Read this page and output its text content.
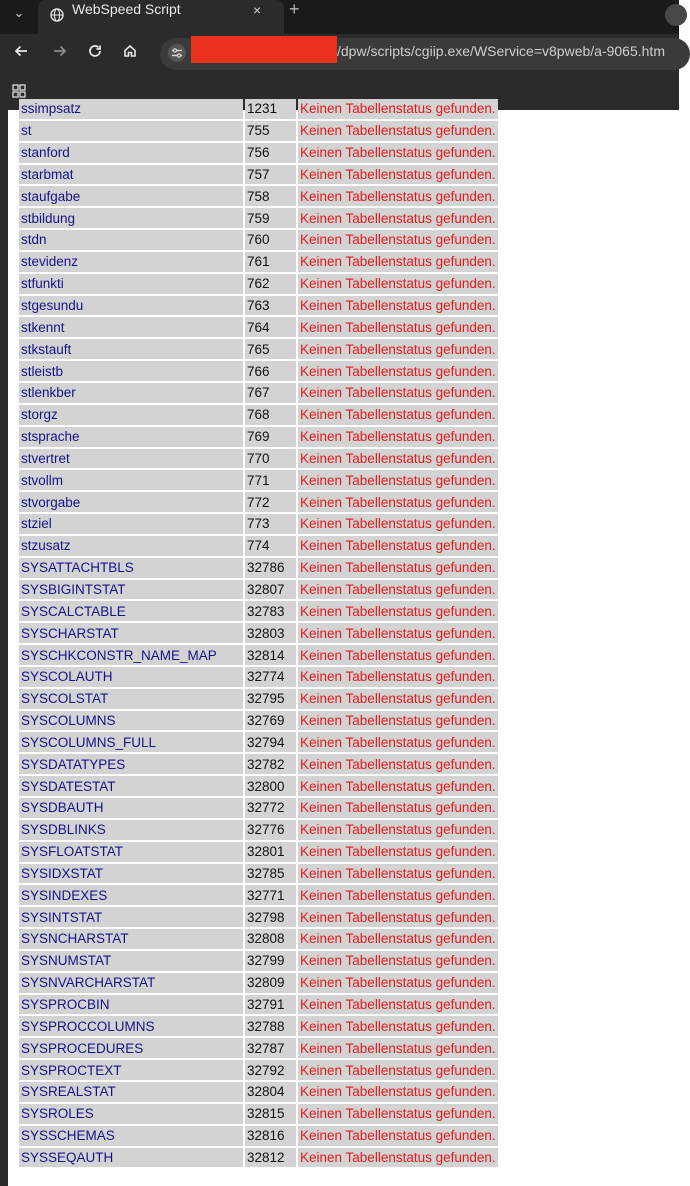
⌄	WebSpeed Script	× +
/dpw/scripts/cgiip.exe/WService=v8pweb/a-9065.htm
ssimpsatz	1231	Keinen Tabellenstatus gefunden.
st	755	Keinen Tabellenstatus gefunden.
stanford	756	Keinen Tabellenstatus gefunden.
starbmat	757	Keinen Tabellenstatus gefunden.
staufgabe	758	Keinen Tabellenstatus gefunden.
stbildung	759	Keinen Tabellenstatus gefunden.
stdn	760	Keinen Tabellenstatus gefunden.
stevidenz	761	Keinen Tabellenstatus gefunden.
stfunkti	762	Keinen Tabellenstatus gefunden.
stgesundu	763	Keinen Tabellenstatus gefunden.
stkennt	764	Keinen Tabellenstatus gefunden.
stkstauft	765	Keinen Tabellenstatus gefunden.
stleistb	766	Keinen Tabellenstatus gefunden.
stlenkber	767	Keinen Tabellenstatus gefunden.
storgz	768	Keinen Tabellenstatus gefunden.
stsprache	769	Keinen Tabellenstatus gefunden.
stvertret	770	Keinen Tabellenstatus gefunden.
stvollm	771	Keinen Tabellenstatus gefunden.
stvorgabe	772	Keinen Tabellenstatus gefunden.
stziel	773	Keinen Tabellenstatus gefunden.
stzusatz	774	Keinen Tabellenstatus gefunden.
SYSATTACHTBLS	32786	Keinen Tabellenstatus gefunden.
SYSBIGINTSTAT	32807	Keinen Tabellenstatus gefunden.
SYSCALCTABLE	32783	Keinen Tabellenstatus gefunden.
SYSCHARSTAT	32803	Keinen Tabellenstatus gefunden.
SYSCHKCONSTR_NAME_MAP	32814	Keinen Tabellenstatus gefunden.
SYSCOLAUTH	32774	Keinen Tabellenstatus gefunden.
SYSCOLSTAT	32795	Keinen Tabellenstatus gefunden.
SYSCOLUMNS	32769	Keinen Tabellenstatus gefunden.
SYSCOLUMNS_FULL	32794	Keinen Tabellenstatus gefunden.
SYSDATATYPES	32782	Keinen Tabellenstatus gefunden.
SYSDATESTAT	32800	Keinen Tabellenstatus gefunden.
SYSDBAUTH	32772	Keinen Tabellenstatus gefunden.
SYSDBLINKS	32776	Keinen Tabellenstatus gefunden.
SYSFLOATSTAT	32801	Keinen Tabellenstatus gefunden.
SYSIDXSTAT	32785	Keinen Tabellenstatus gefunden.
SYSINDEXES	32771	Keinen Tabellenstatus gefunden.
SYSINTSTAT	32798	Keinen Tabellenstatus gefunden.
SYSNCHARSTAT	32808	Keinen Tabellenstatus gefunden.
SYSNUMSTAT	32799	Keinen Tabellenstatus gefunden.
SYSNVARCHARSTAT	32809	Keinen Tabellenstatus gefunden.
SYSPROCBIN	32791	Keinen Tabellenstatus gefunden.
SYSPROCCOLUMNS	32788	Keinen Tabellenstatus gefunden.
SYSPROCEDURES	32787	Keinen Tabellenstatus gefunden.
SYSPROCTEXT	32792	Keinen Tabellenstatus gefunden.
SYSREALSTAT	32804	Keinen Tabellenstatus gefunden.
SYSROLES	32815	Keinen Tabellenstatus gefunden.
SYSSCHEMAS	32816	Keinen Tabellenstatus gefunden.
SYSSEQAUTH	32812	Keinen Tabellenstatus gefunden.
